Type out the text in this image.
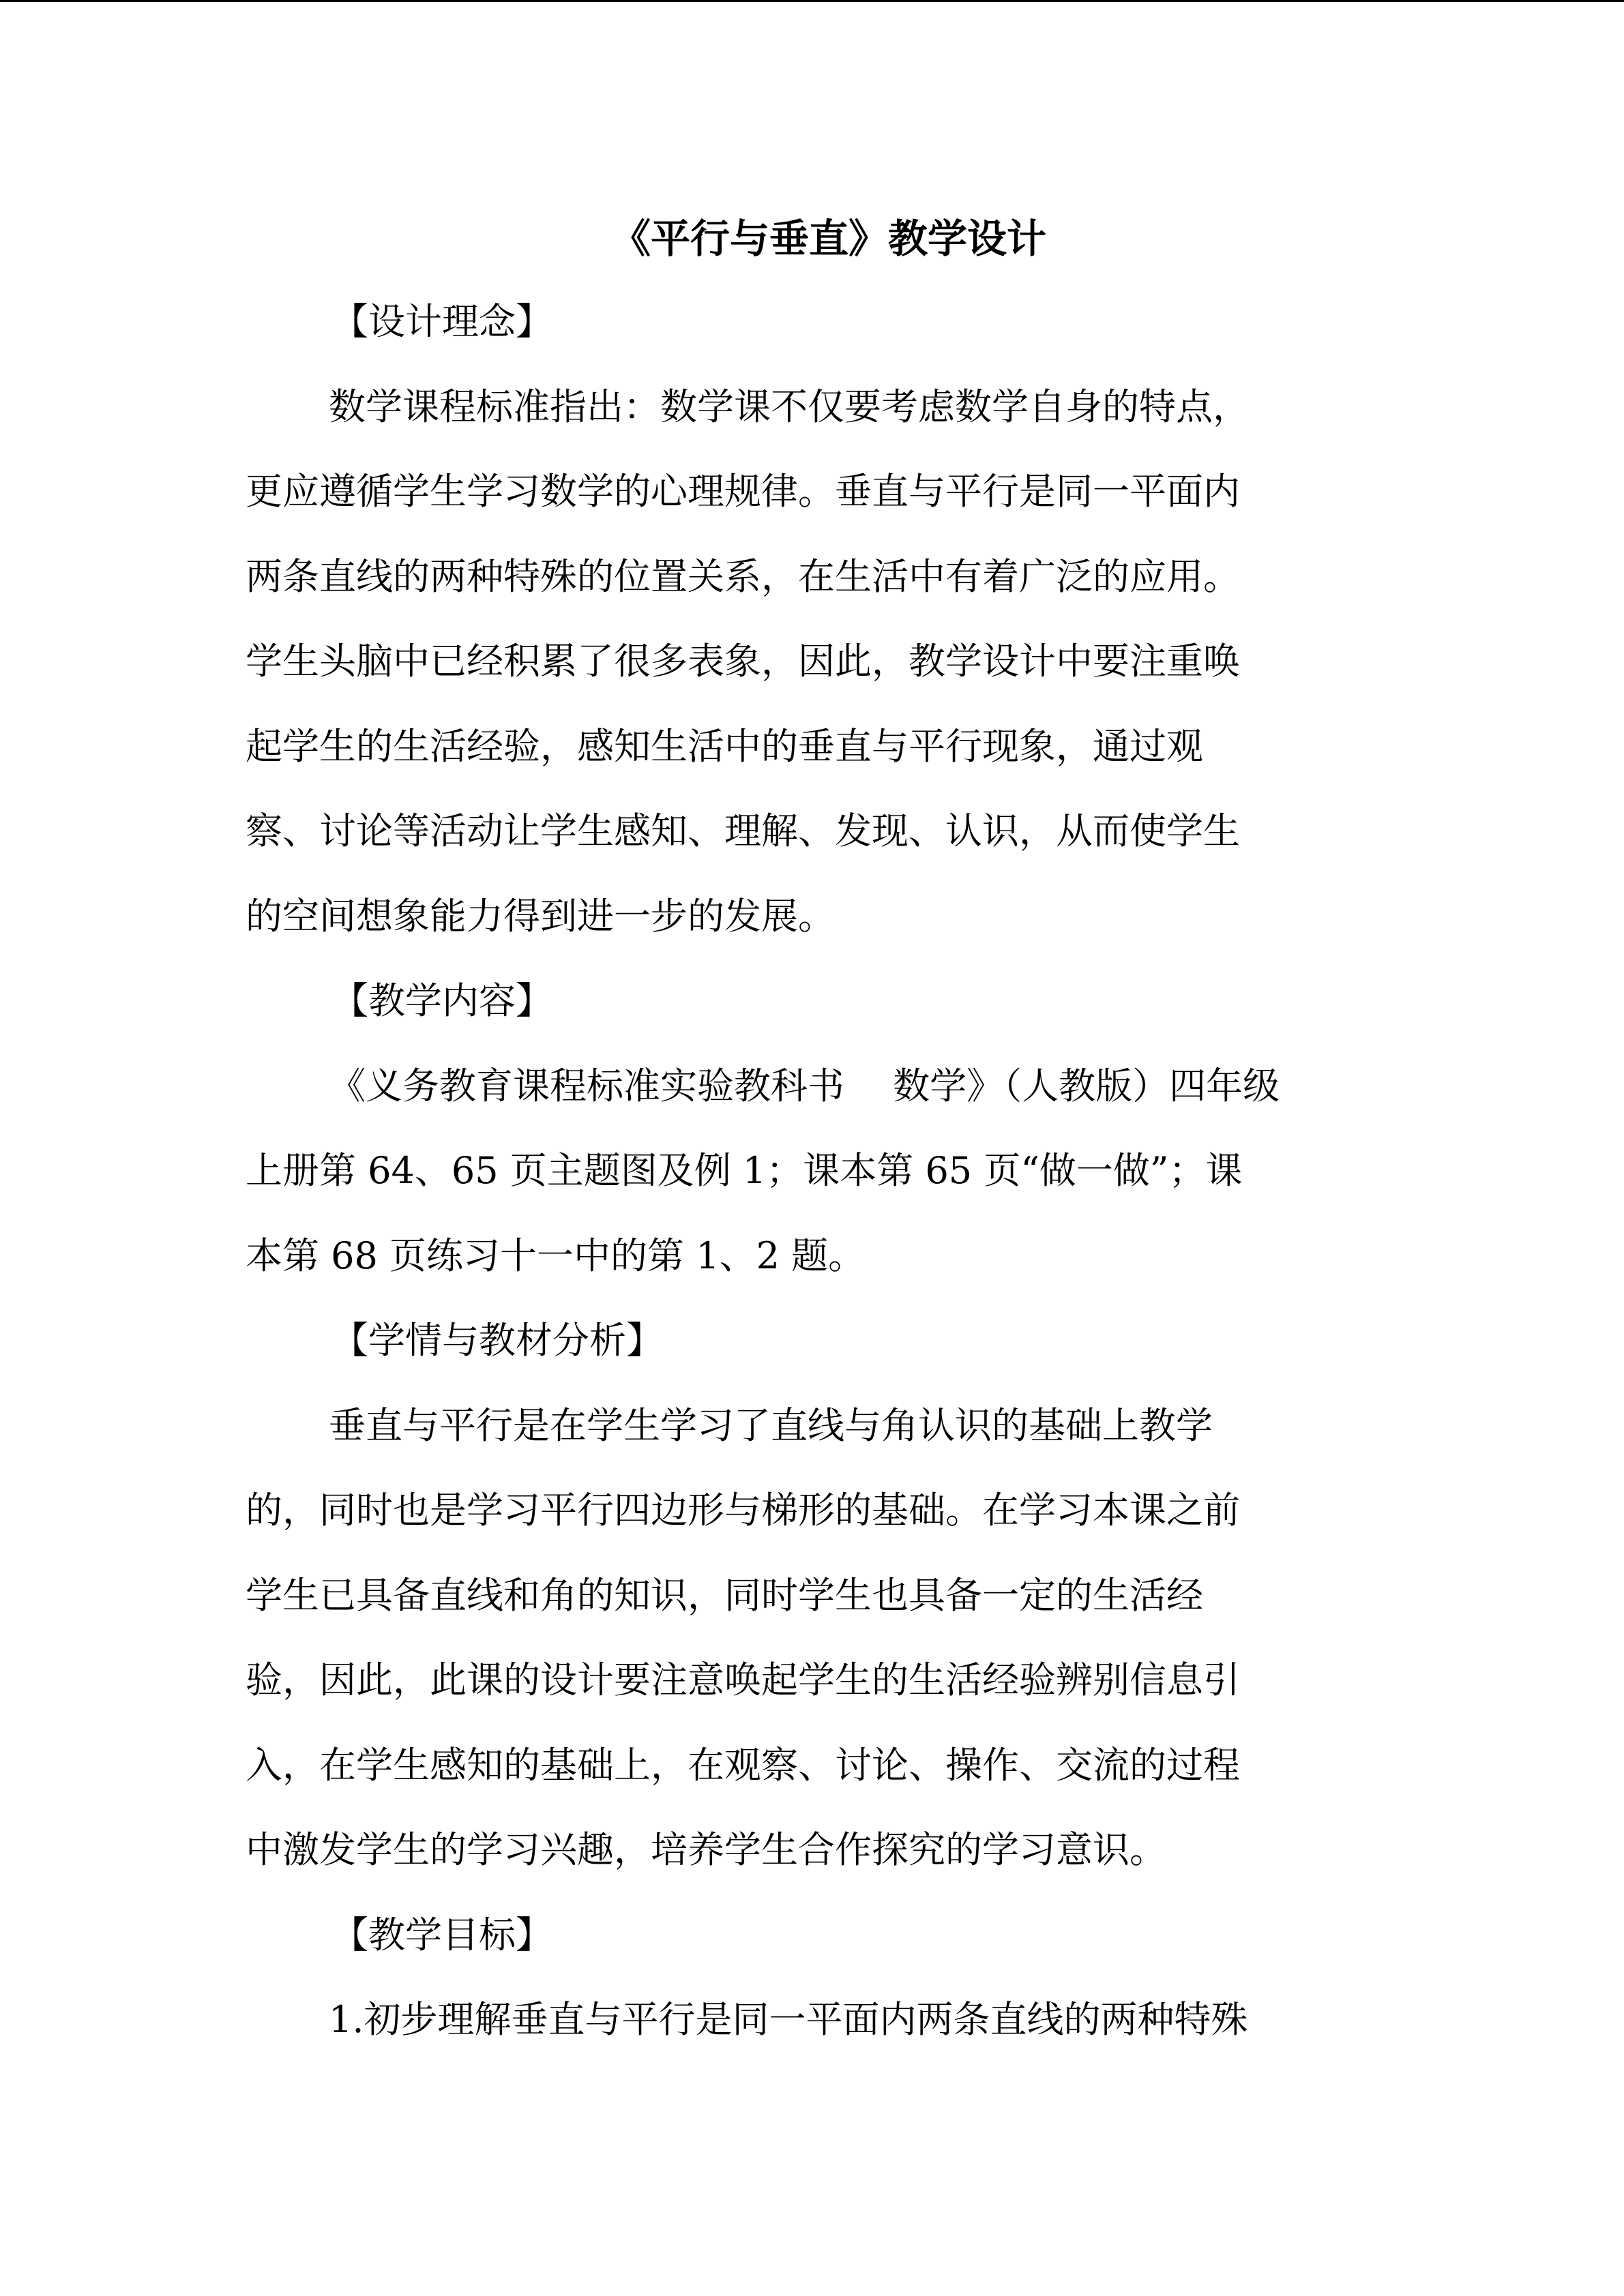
《平行与垂直》教学设计
【设计理念】
数学课程标准指出：数学课不仅要考虑数学自身的特点，
更应遵循学生学习数学的心理规律。垂直与平行是同一平面内
两条直线的两种特殊的位置关系，在生活中有着广泛的应用。
学生头脑中已经积累了很多表象，因此，教学设计中要注重唤
起学生的生活经验，感知生活中的垂直与平行现象，通过观
察、讨论等活动让学生感知、理解、发现、认识，从而使学生
的空间想象能力得到进一步的发展。
【教学内容】
《义务教育课程标准实验教科书　 数学》（人教版）四年级
上册第 64、65 页主题图及例 1；课本第 65 页“做一做”；课
本第 68 页练习十一中的第 1、2 题。
【学情与教材分析】
垂直与平行是在学生学习了直线与角认识的基础上教学
的，同时也是学习平行四边形与梯形的基础。在学习本课之前
学生已具备直线和角的知识，同时学生也具备一定的生活经
验，因此，此课的设计要注意唤起学生的生活经验辨别信息引
入，在学生感知的基础上，在观察、讨论、操作、交流的过程
中激发学生的学习兴趣，培养学生合作探究的学习意识。
【教学目标】
1.初步理解垂直与平行是同一平面内两条直线的两种特殊
